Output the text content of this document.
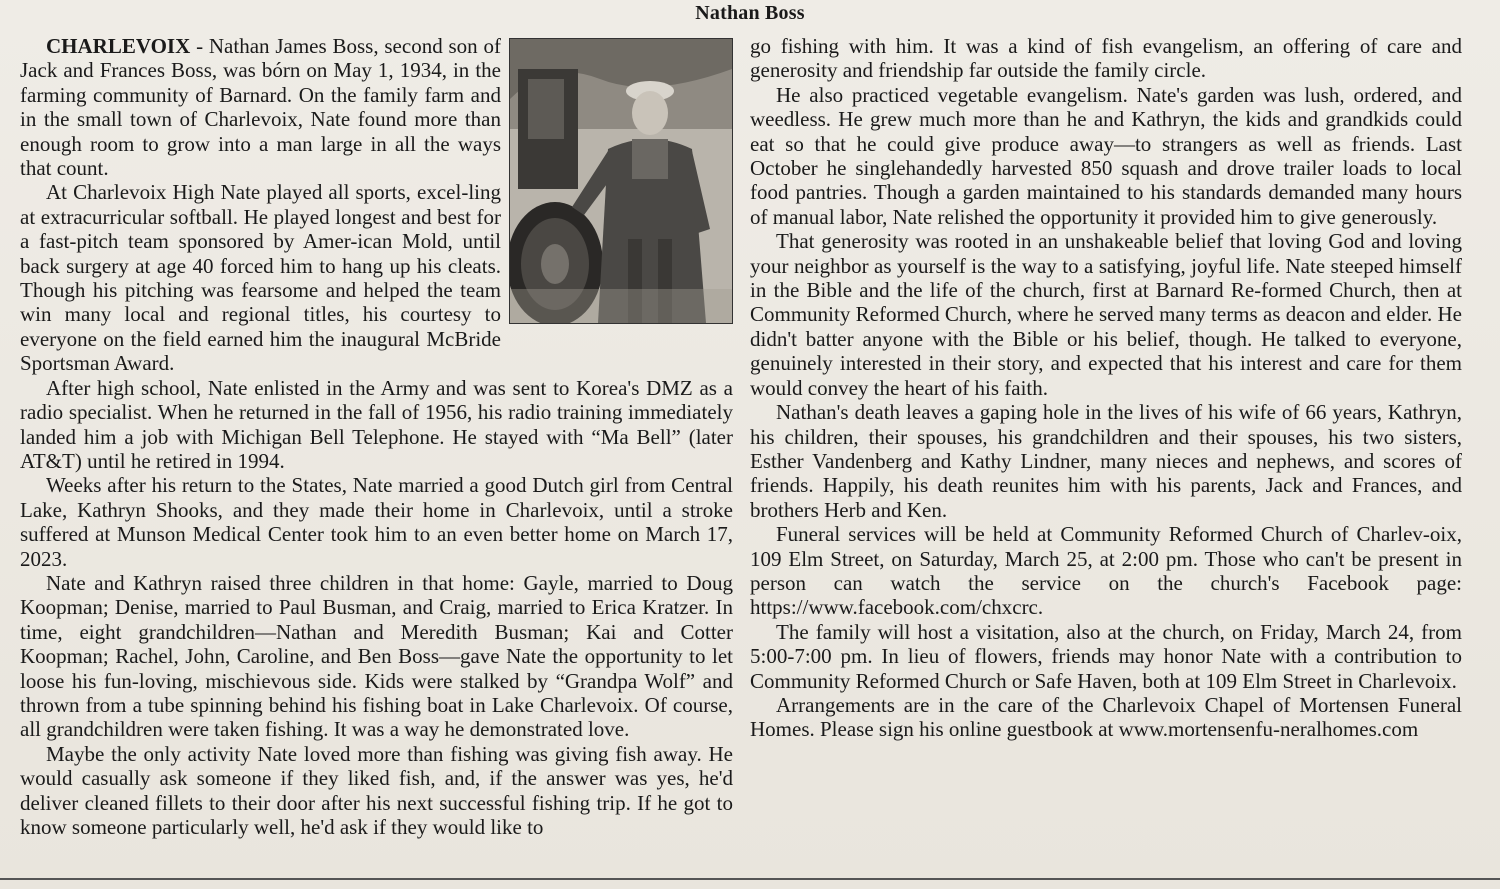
Nathan Boss

CHARLEVOIX - Nathan James Boss, second son of Jack and Frances Boss, was bórn on May 1, 1934, in the farming community of Barnard. On the family farm and in the small town of Charlevoix, Nate found more than enough room to grow into a man large in all the ways that count.

At Charlevoix High Nate played all sports, excel-ling at extracurricular softball. He played longest and best for a fast-pitch team sponsored by Amer-ican Mold, until back surgery at age 40 forced him to hang up his cleats. Though his pitching was fearsome and helped the team win many local and regional titles, his courtesy to everyone on the field earned him the inaugural McBride Sportsman Award.

After high school, Nate enlisted in the Army and was sent to Korea's DMZ as a radio specialist. When he returned in the fall of 1956, his radio training immediately landed him a job with Michigan Bell Telephone. He stayed with “Ma Bell” (later AT&T) until he retired in 1994.

Weeks after his return to the States, Nate married a good Dutch girl from Central Lake, Kathryn Shooks, and they made their home in Charlevoix, until a stroke suffered at Munson Medical Center took him to an even better home on March 17, 2023.

Nate and Kathryn raised three children in that home: Gayle, married to Doug Koopman; Denise, married to Paul Busman, and Craig, married to Erica Kratzer. In time, eight grandchildren—Nathan and Meredith Busman; Kai and Cotter Koopman; Rachel, John, Caroline, and Ben Boss—gave Nate the opportunity to let loose his fun-loving, mischievous side. Kids were stalked by “Grandpa Wolf” and thrown from a tube spinning behind his fishing boat in Lake Charlevoix. Of course, all grandchildren were taken fishing. It was a way he demonstrated love.

Maybe the only activity Nate loved more than fishing was giving fish away. He would casually ask someone if they liked fish, and, if the answer was yes, he'd deliver cleaned fillets to their door after his next successful fishing trip. If he got to know someone particularly well, he'd ask if they would like to

go fishing with him. It was a kind of fish evangelism, an offering of care and generosity and friendship far outside the family circle.

He also practiced vegetable evangelism. Nate's garden was lush, ordered, and weedless. He grew much more than he and Kathryn, the kids and grandkids could eat so that he could give produce away—to strangers as well as friends. Last October he singlehandedly harvested 850 squash and drove trailer loads to local food pantries. Though a garden maintained to his standards demanded many hours of manual labor, Nate relished the opportunity it provided him to give generously.

That generosity was rooted in an unshakeable belief that loving God and loving your neighbor as yourself is the way to a satisfying, joyful life. Nate steeped himself in the Bible and the life of the church, first at Barnard Re-formed Church, then at Community Reformed Church, where he served many terms as deacon and elder. He didn't batter anyone with the Bible or his belief, though. He talked to everyone, genuinely interested in their story, and expected that his interest and care for them would convey the heart of his faith.

Nathan's death leaves a gaping hole in the lives of his wife of 66 years, Kathryn, his children, their spouses, his grandchildren and their spouses, his two sisters, Esther Vandenberg and Kathy Lindner, many nieces and nephews, and scores of friends. Happily, his death reunites him with his parents, Jack and Frances, and brothers Herb and Ken.

Funeral services will be held at Community Reformed Church of Charlev-oix, 109 Elm Street, on Saturday, March 25, at 2:00 pm. Those who can't be present in person can watch the service on the church's Facebook page: https://www.facebook.com/chxcrc.

The family will host a visitation, also at the church, on Friday, March 24, from 5:00-7:00 pm. In lieu of flowers, friends may honor Nate with a contribution to Community Reformed Church or Safe Haven, both at 109 Elm Street in Charlevoix.

Arrangements are in the care of the Charlevoix Chapel of Mortensen Funeral Homes. Please sign his online guestbook at www.mortensenfu-neralhomes.com
